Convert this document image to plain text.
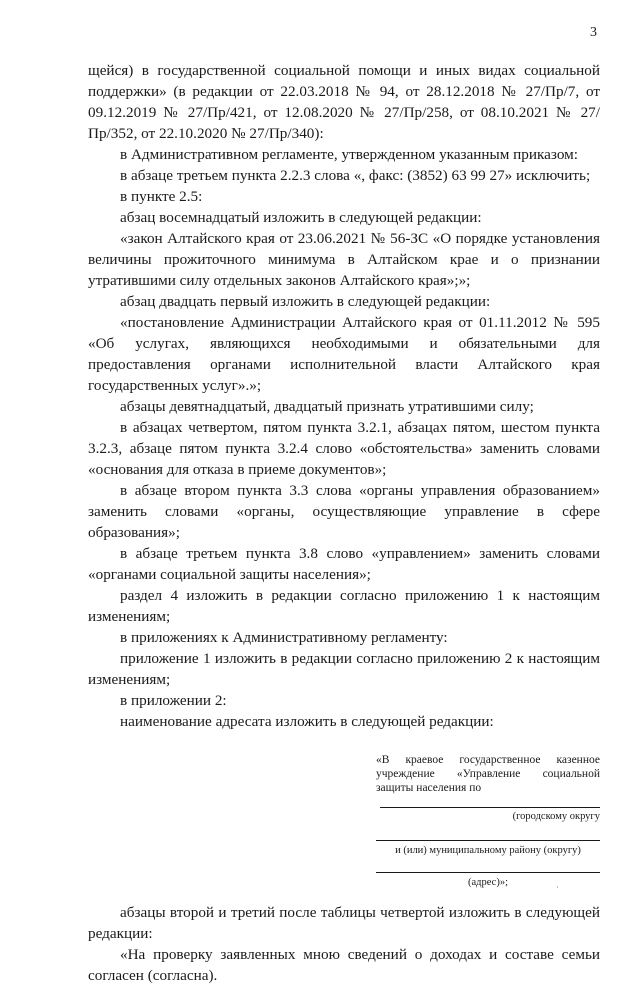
3

щейся) в государственной социальной помощи и иных видах социальной поддержки» (в редакции от 22.03.2018 № 94, от 28.12.2018 № 27/Пр/7, от 09.12.2019 № 27/Пр/421, от 12.08.2020 № 27/Пр/258, от 08.10.2021 № 27/Пр/352, от 22.10.2020 № 27/Пр/340):

в Административном регламенте, утвержденном указанным приказом:

в абзаце третьем пункта 2.2.3 слова «, факс: (3852) 63 99 27» исключить;

в пункте 2.5:

абзац восемнадцатый изложить в следующей редакции:

«закон Алтайского края от 23.06.2021 № 56-ЗС «О порядке установления величины прожиточного минимума в Алтайском крае и о признании утратившими силу отдельных законов Алтайского края»;»;

абзац двадцать первый изложить в следующей редакции:

«постановление Администрации Алтайского края от 01.11.2012 № 595 «Об услугах, являющихся необходимыми и обязательными для предоставления органами исполнительной власти Алтайского края государственных услуг».»;

абзацы девятнадцатый, двадцатый признать утратившими силу;

в абзацах четвертом, пятом пункта 3.2.1, абзацах пятом, шестом пункта 3.2.3, абзаце пятом пункта 3.2.4 слово «обстоятельства» заменить словами «основания для отказа в приеме документов»;

в абзаце втором пункта 3.3 слова «органы управления образованием» заменить словами «органы, осуществляющие управление в сфере образования»;

в абзаце третьем пункта 3.8 слово «управлением» заменить словами «органами социальной защиты населения»;

раздел 4 изложить в редакции согласно приложению 1 к настоящим изменениям;

в приложениях к Административному регламенту:

приложение 1 изложить в редакции согласно приложению 2 к настоящим изменениям;

в приложении 2:

наименование адресата изложить в следующей редакции:

«В краевое государственное казенное учреждение «Управление социальной защиты населения по

(городскому округу

и (или) муниципальному району (округу)

(адрес)»;

абзацы второй и третий после таблицы четвертой изложить в следующей редакции:

«На проверку заявленных мною сведений о доходах и составе семьи согласен (согласна).

·
